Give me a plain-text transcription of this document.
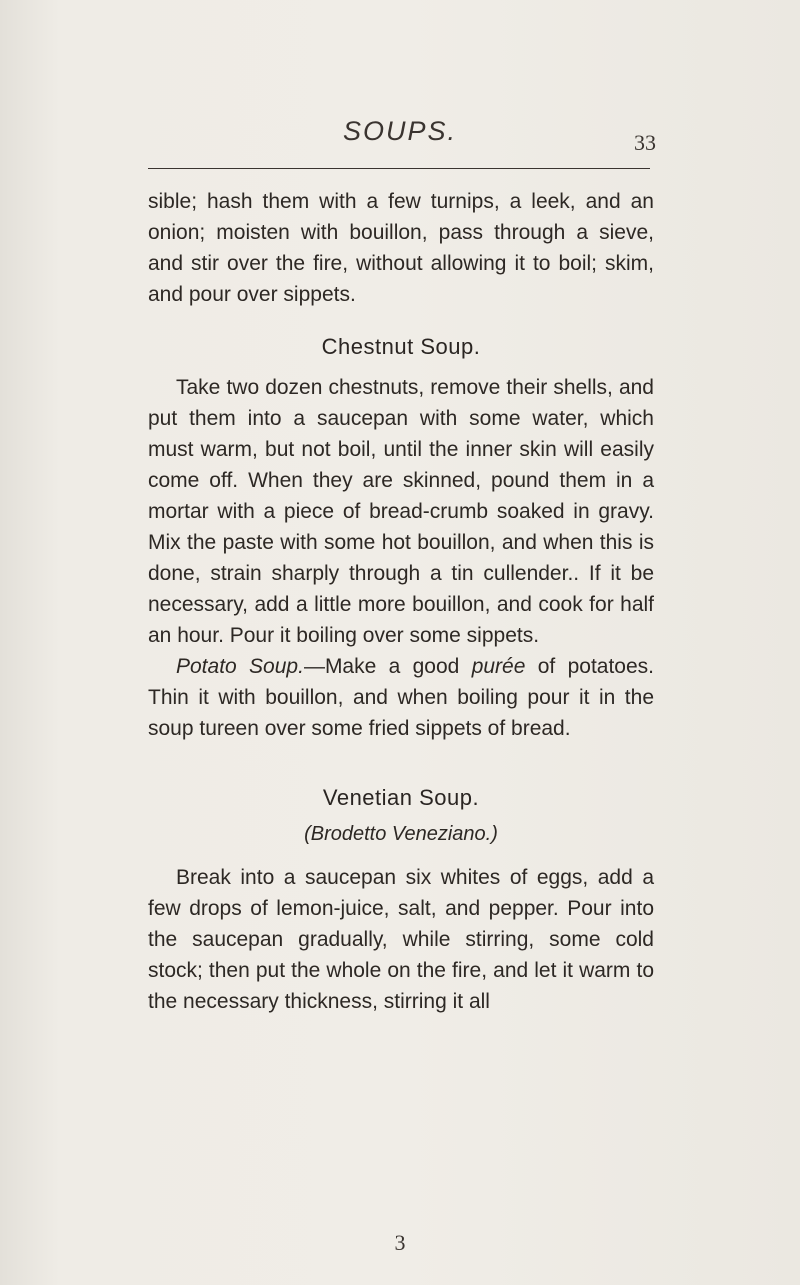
SOUPS.	33

sible; hash them with a few turnips, a leek, and an onion; moisten with bouillon, pass through a sieve, and stir over the fire, without allowing it to boil; skim, and pour over sippets.

Chestnut Soup.

Take two dozen chestnuts, remove their shells, and put them into a saucepan with some water, which must warm, but not boil, until the inner skin will easily come off. When they are skinned, pound them in a mortar with a piece of bread-crumb soaked in gravy. Mix the paste with some hot bouillon, and when this is done, strain sharply through a tin cullender.. If it be necessary, add a little more bouillon, and cook for half an hour. Pour it boiling over some sippets.

Potato Soup.—Make a good purée of potatoes. Thin it with bouillon, and when boiling pour it in the soup tureen over some fried sippets of bread.

Venetian Soup.
(Brodetto Veneziano.)

Break into a saucepan six whites of eggs, add a few drops of lemon-juice, salt, and pepper. Pour into the saucepan gradually, while stirring, some cold stock; then put the whole on the fire, and let it warm to the necessary thickness, stirring it all

3
